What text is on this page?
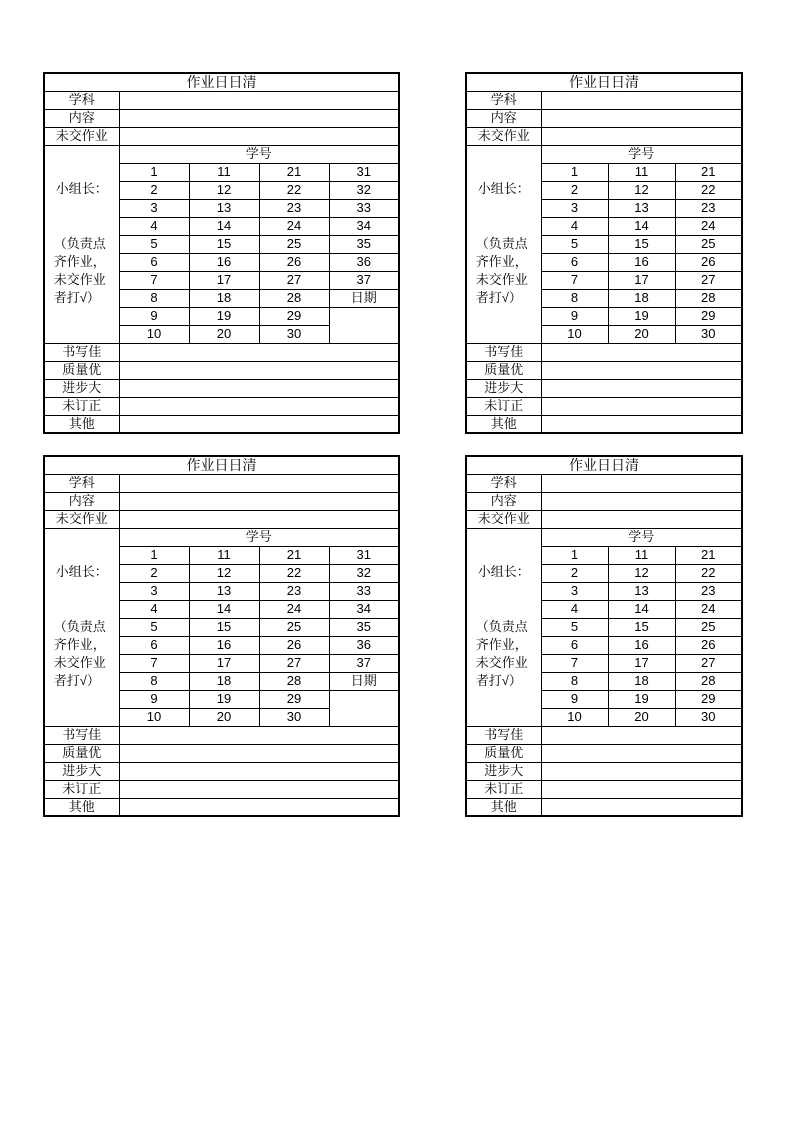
作业日日清				
学科				
内容				
未交作业				

小组长：
（负责点齐作业，未交作业者打√）	学号			
	1	11	21	31
	2	12	22	32
	3	13	23	33
	4	14	24	34
	5	15	25	35
	6	16	26	36
	7	17	27	37
	8	18	28	日期
	9	19	29	
	10	20	30	
书写佳				
质量优				
进步大				
未订正				
其他				
作业日日清			
学科			
内容			
未交作业			

小组长：
（负责点齐作业，未交作业者打√）	学号		
	1	11	21
	2	12	22
	3	13	23
	4	14	24
	5	15	25
	6	16	26
	7	17	27
	8	18	28
	9	19	29
	10	20	30
书写佳			
质量优			
进步大			
未订正			
其他			
作业日日清				
学科				
内容				
未交作业				

小组长：
（负责点齐作业，未交作业者打√）	学号			
	1	11	21	31
	2	12	22	32
	3	13	23	33
	4	14	24	34
	5	15	25	35
	6	16	26	36
	7	17	27	37
	8	18	28	日期
	9	19	29	
	10	20	30	
书写佳				
质量优				
进步大				
未订正				
其他				
作业日日清			
学科			
内容			
未交作业			

小组长：
（负责点齐作业，未交作业者打√）	学号		
	1	11	21
	2	12	22
	3	13	23
	4	14	24
	5	15	25
	6	16	26
	7	17	27
	8	18	28
	9	19	29
	10	20	30
书写佳			
质量优			
进步大			
未订正			
其他			
